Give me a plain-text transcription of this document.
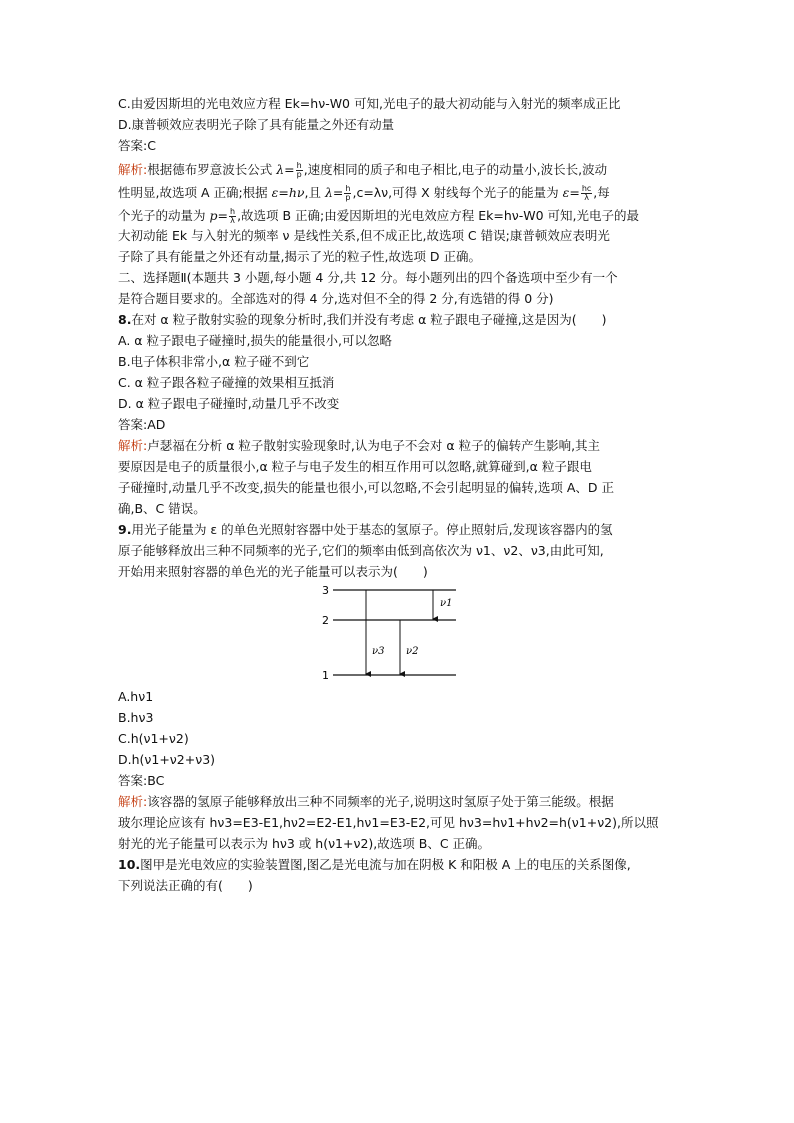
C.由爱因斯坦的光电效应方程 Ek=hν-W0 可知,光电子的最大初动能与入射光的频率成正比
D.康普顿效应表明光子除了具有能量之外还有动量
答案:C
解析:根据德布罗意波长公式 $\lambda= \frac{h}{p}$ ,速度相同的质子和电子相比,电子的动量小,波长长,波动
性明显,故选项 A 正确;根据 ε=hν,且 $\lambda= \frac{h}{p} ,c=\lambda\nu$,可得 X 射线每个光子的能量为 $\varepsilon= \frac{hc}{\lambda}$ ,每
个光子的动量为 $p= \frac{h}{\lambda}$ ,故选项 B 正确;由爱因斯坦的光电效应方程 Ek=hν-W0 可知,光电子的最
大初动能 Ek 与入射光的频率 ν 是线性关系,但不成正比,故选项 C 错误;康普顿效应表明光
子除了具有能量之外还有动量,揭示了光的粒子性,故选项 D 正确。
二、选择题Ⅱ(本题共 3 小题,每小题 4 分,共 12 分。每小题列出的四个备选项中至少有一个
是符合题目要求的。全部选对的得 4 分,选对但不全的得 2 分,有选错的得 0 分)
8.在对 α 粒子散射实验的现象分析时,我们并没有考虑 α 粒子跟电子碰撞,这是因为(　　)
A. α 粒子跟电子碰撞时,损失的能量很小,可以忽略
B.电子体积非常小,α 粒子碰不到它
C. α 粒子跟各粒子碰撞的效果相互抵消
D. α 粒子跟电子碰撞时,动量几乎不改变
答案:AD
解析:卢瑟福在分析 α 粒子散射实验现象时,认为电子不会对 α 粒子的偏转产生影响,其主
要原因是电子的质量很小,α 粒子与电子发生的相互作用可以忽略,就算碰到,α 粒子跟电
子碰撞时,动量几乎不改变,损失的能量也很小,可以忽略,不会引起明显的偏转,选项 A、D 正
确,B、C 错误。
9.用光子能量为 ε 的单色光照射容器中处于基态的氢原子。停止照射后,发现该容器内的氢
原子能够释放出三种不同频率的光子,它们的频率由低到高依次为 ν1、ν2、ν3,由此可知,
开始用来照射容器的单色光的光子能量可以表示为(　　)
3
2
1
ν1
ν2
ν3
A.hν1
B.hν3
C.h(ν1+ν2)
D.h(ν1+ν2+ν3)
答案:BC
解析:该容器的氢原子能够释放出三种不同频率的光子,说明这时氢原子处于第三能级。根据
玻尔理论应该有 hν3=E3-E1,hν2=E2-E1,hν1=E3-E2,可见 hν3=hν1+hν2=h(ν1+ν2),所以照
射光的光子能量可以表示为 hν3 或 h(ν1+ν2),故选项 B、C 正确。
10.图甲是光电效应的实验装置图,图乙是光电流与加在阴极 K 和阳极 A 上的电压的关系图像,
下列说法正确的有(　　)
